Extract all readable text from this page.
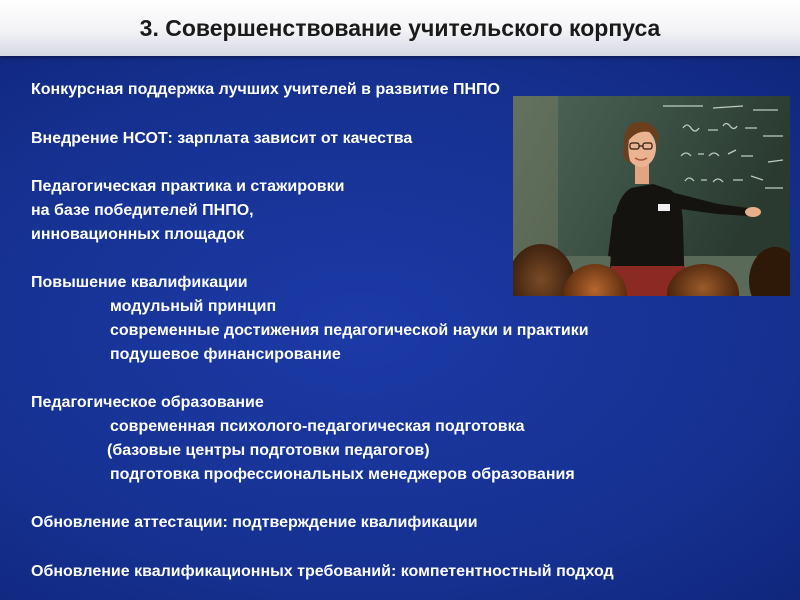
3. Совершенствование учительского корпуса
Конкурсная поддержка лучших учителей в развитие ПНПО
Внедрение НСОТ: зарплата зависит от качества
Педагогическая практика и стажировки
на базе победителей ПНПО,
инновационных площадок
Повышение квалификации
модульный принцип
современные достижения педагогической науки и практики
подушевое финансирование
Педагогическое образование
современная психолого-педагогическая подготовка
(базовые центры подготовки педагогов)
подготовка профессиональных менеджеров образования
Обновление аттестации: подтверждение квалификации
Обновление квалификационных требований: компетентностный подход
